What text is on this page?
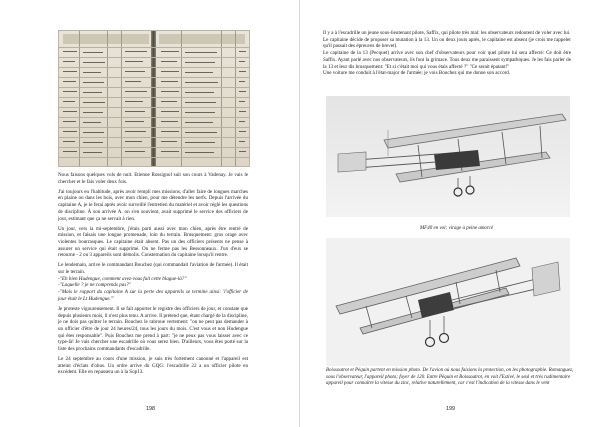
Nous faisons quelques vols de nuit. Etienne Rossignol suit son cours à Vadenay. Je vais le chercher et le fais voler deux fois.

J'ai toujours eu l'habitude, après avoir rempli mes missions, d'aller faire de longues marches en plaine ou dans les bois, avec mon chien, pour me détendre les nerfs. Depuis l'arrivée du capitaine A, je le ferai après avoir surveillé l'entretien du matériel et avoir réglé les questions de discipline. À son arrivée A. on s'en souvient, avait supprimé le service des officiers de jour, estimant que ça ne servait à rien.

Un jour, vers la mi-septembre, j'étais parti aussi avec mon chien, après être rentré de mission, et faisais une longue promenade, loin du terrain. Brusquement: gros orage avec violentes bourrasques. Le capitaine était absent. Pas un des officiers présents ne pense à assurer un service qui était supprimé. On ne ferme pas les Bessonneaux. J'un d'eux se retourne - 2 ou 3 appareils sont démolis. Consternation du capitaine lorsqu'il rentre.

Le lendemain, arrive le commandant Bouchez (qui commandait l'aviation de l'armée). Il était sur le terrain.

-"Eh bien Hudengue, comment avez-vous fait cette blague-là?"

-"Laquelle ? je ne comprends pas?"

-"Mais le rapport du capitaine A sur la perte des appareils se termine ainsi: 'l'officier de jour était le Lt Hudengue.'"

Je proteste vigoureusement. Il se fait apporter le registre des officiers de jour, et constate que depuis plusieurs mois, il n'est plus tenu. A arrive. Il prétend que, étant chargé de la discipline, je ne dois pas quitter le terrain. Bouchez le rabroue vertement: "on ne peut pas demander à un officier d'être de jour 24 heures/24, tous les jours du mois. C'est vous et non Hudengue qui êtes responsable". Puis Bouchez me prend à part: "je ne peux pas vous laisser avec ce type-là! Je vais chercher une escadrille où vous serez bien. D'ailleurs, vous êtes porté sur la liste des prochains commandants d'escadrille.

Le 24 septembre au cours d'une mission, je suis très fortement canonné et l'appareil est atteint d'éclats d'obus. Un ordre arrive du GQG: l'escadrille 22 a un officier pilote en excédent. Elle en repassera un à la Sop13.

198

Il y a à l'escadrille un jeune sous-lieutenant pilote, Saffix, qui pilote très mal: les observateurs redoutent de voler avec lui.

Le capitaine décide de proposer sa mutation à la 13. Un ou deux jours après, le capitaine est absent (je crois me rappeler qu'il passait des épreuves de brevet).

Le capitaine de la 13 (Pecquet) arrive avec son chef d'observateurs pour voir quel pilote lui sera affecté: Ce doit être Saffix. Ayant parlé avec nos observateurs, ils font la grimace. Tous deux me paraissent sympathiques. Je les fais parler de la 13 et leur dis brusquement: "Et si c'était moi qui vous étais affecté ?" "Ce serait épatant!"

Une voiture me conduit à l'état-major de l'armée; je vois Bouchez qui me donne son accord.

MF40 en vol; virage à peine amorcé
Boissoutrot et Péquin partent en mission photo. De l'avion où nous faisions la protection, on les photographie. Romanguez, sous l'observateur, l'appareil photo; foyer de 120. Entre Péquin et Boissoutrot, en voit l'Estivé, le seul et très rudimentaire appareil pour connaître la vitesse du zinc, relative naturellement, car c'est l'indication de la vitesse dans le vent
199
